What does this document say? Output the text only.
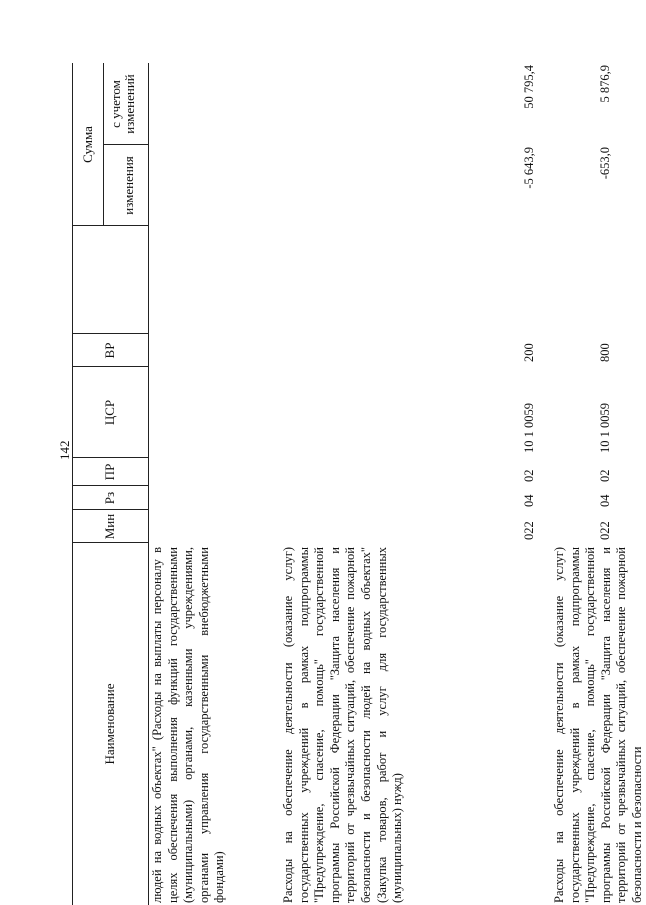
142
Наименование
Мин
Рз
ПР
ЦСР
ВР
Сумма
изменения
с учетом изменений
людей на водных объектах" (Расходы на выплаты персоналу в целях обеспечения выполнения функций государственными (муниципальными) органами, казенными учреждениями, органами управления государственными внебюджетными фондами)	Расходы на обеспечение деятельности (оказание услуг) государственных учреждений в рамках подпрограммы "Предупреждение, спасение, помощь" государственной программы Российской Федерации "Защита населения и территорий от чрезвычайных ситуаций, обеспечение пожарной безопасности и безопасности людей на водных объектах" (Закупка товаров, работ и услуг для государственных (муниципальных) нужд)
022
04
02
10 1 0059
200
-5 643,9
50 795,4
Расходы на обеспечение деятельности (оказание услуг) государственных учреждений в рамках подпрограммы "Предупреждение, спасение, помощь" государственной программы Российской Федерации "Защита населения и территорий от чрезвычайных ситуаций, обеспечение пожарной безопасности и безопасности
022
04
02
10 1 0059
800
-653,0
5 876,9
